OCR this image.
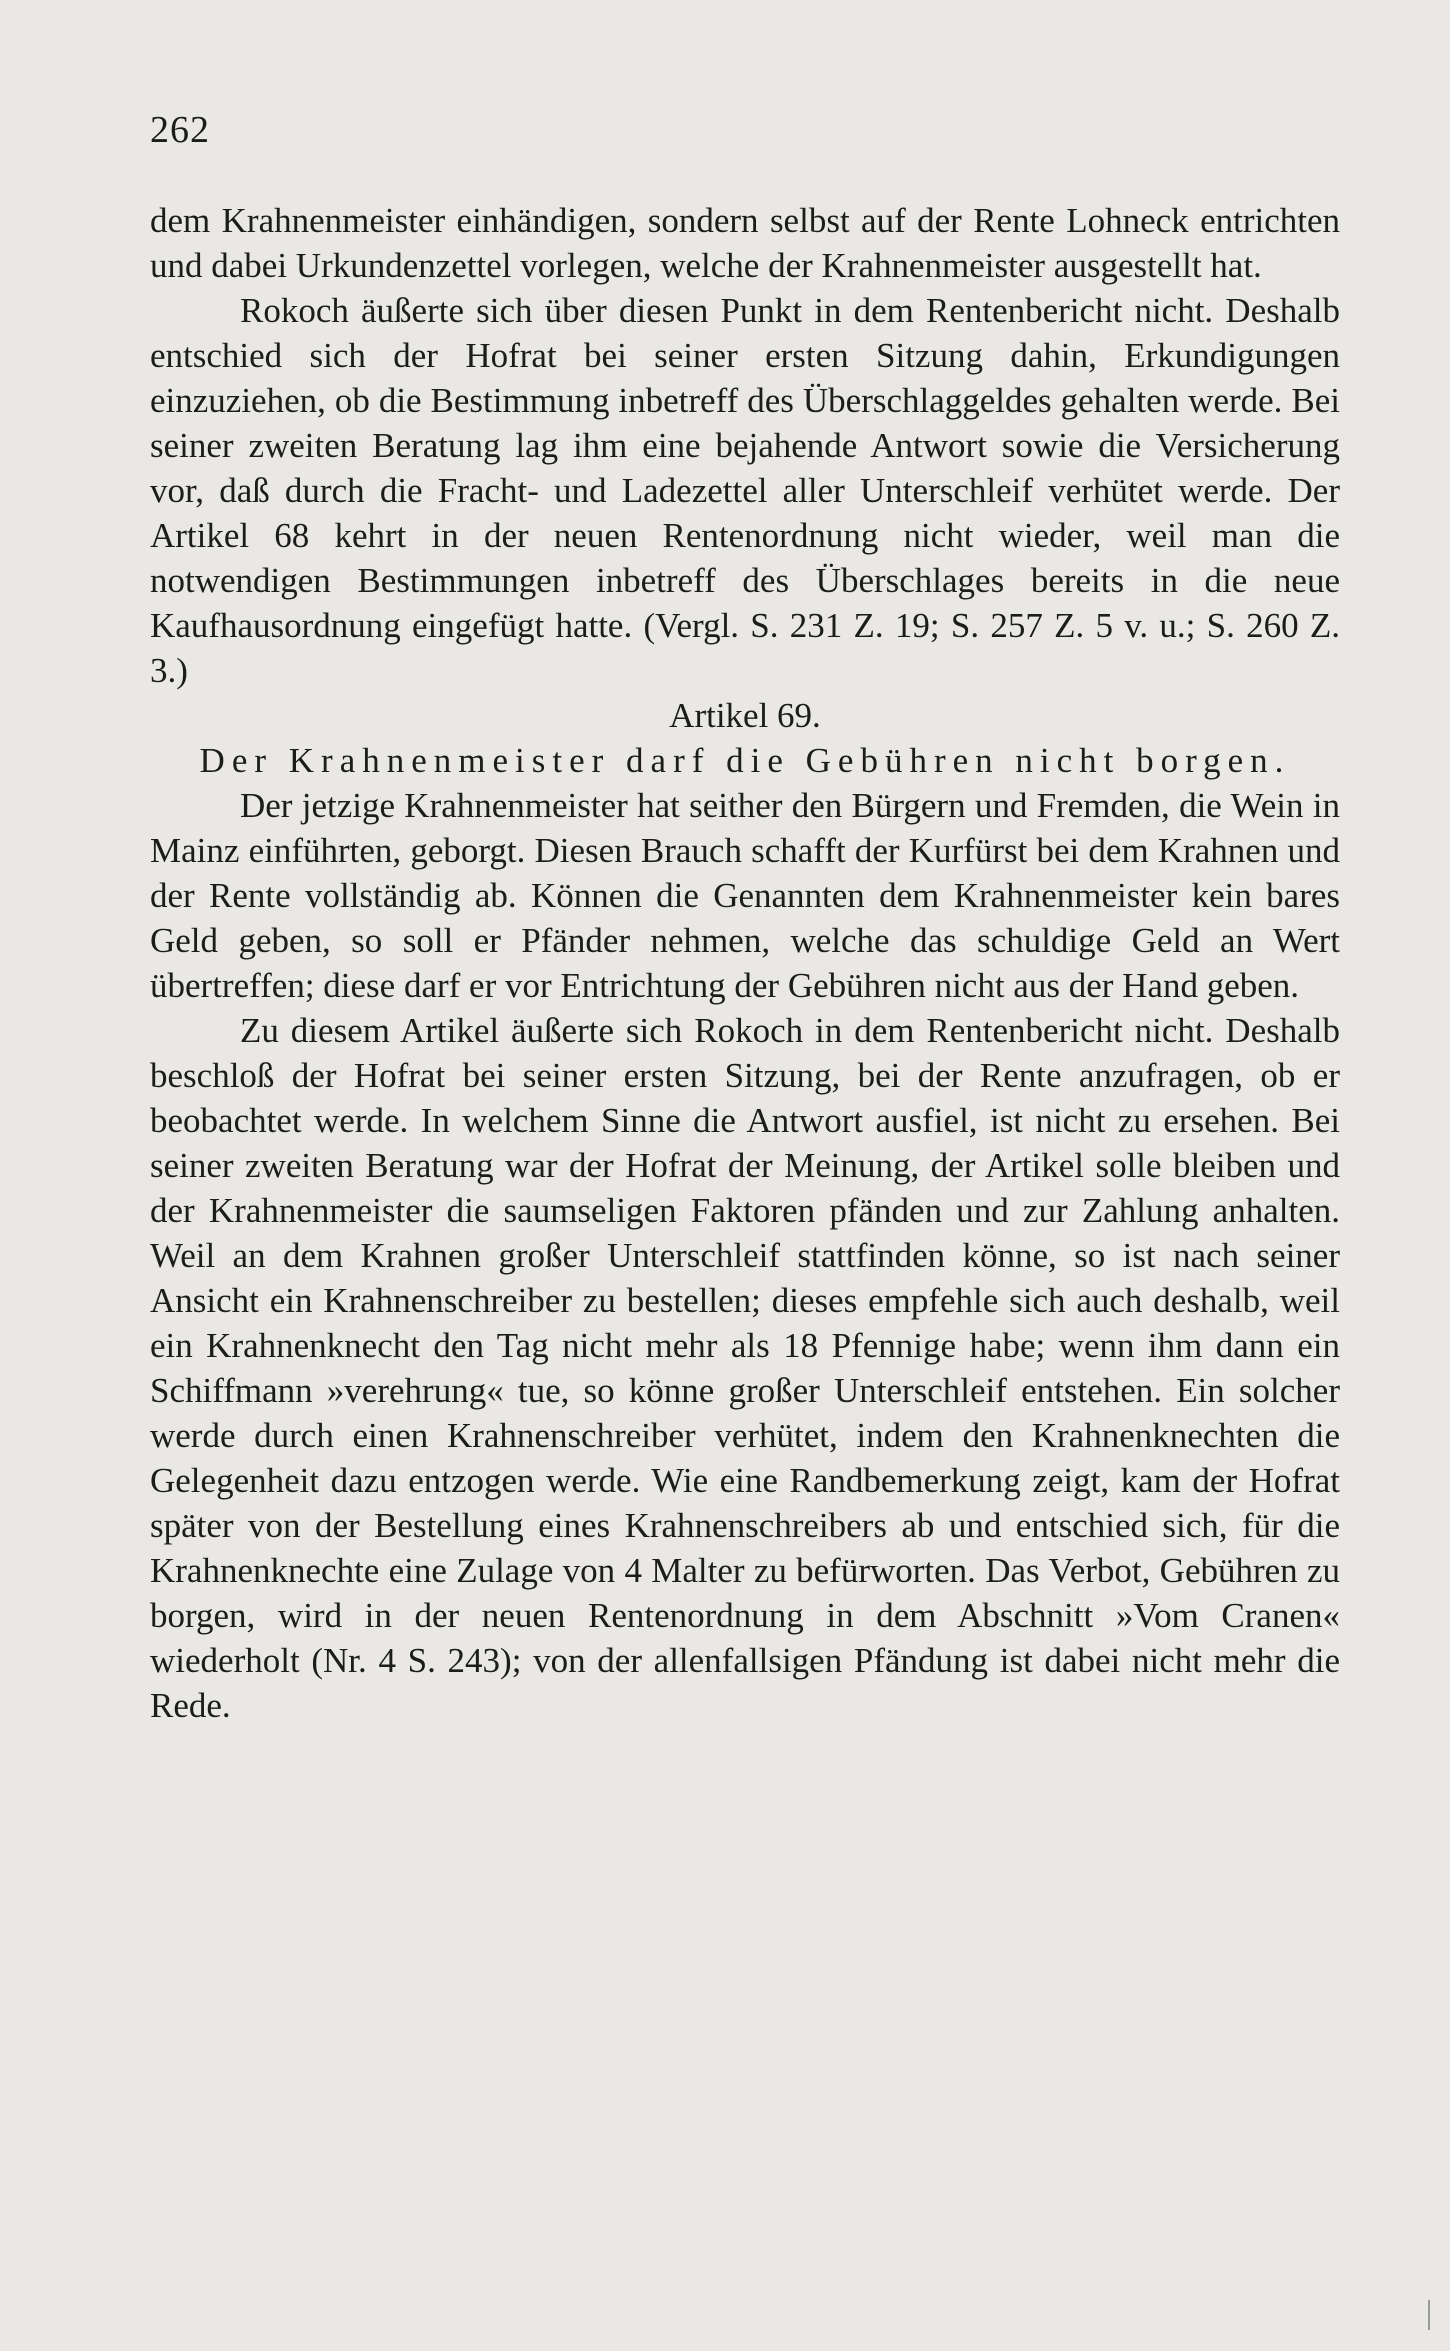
262

dem Krahnenmeister einhändigen, sondern selbst auf der Rente Lohneck entrichten und dabei Urkundenzettel vorlegen, welche der Krahnenmeister ausgestellt hat.

Rokoch äußerte sich über diesen Punkt in dem Rentenbericht nicht. Deshalb entschied sich der Hofrat bei seiner ersten Sitzung dahin, Erkundigungen einzuziehen, ob die Bestimmung inbetreff des Überschlaggeldes gehalten werde. Bei seiner zweiten Beratung lag ihm eine bejahende Antwort sowie die Versicherung vor, daß durch die Fracht- und Ladezettel aller Unterschleif verhütet werde. Der Artikel 68 kehrt in der neuen Rentenordnung nicht wieder, weil man die notwendigen Bestimmungen inbetreff des Überschlages bereits in die neue Kaufhausordnung eingefügt hatte. (Vergl. S. 231 Z. 19; S. 257 Z. 5 v. u.; S. 260 Z. 3.)

Artikel 69.

Der Krahnenmeister darf die Gebühren nicht borgen.

Der jetzige Krahnenmeister hat seither den Bürgern und Fremden, die Wein in Mainz einführten, geborgt. Diesen Brauch schafft der Kurfürst bei dem Krahnen und der Rente vollständig ab. Können die Genannten dem Krahnenmeister kein bares Geld geben, so soll er Pfänder nehmen, welche das schuldige Geld an Wert übertreffen; diese darf er vor Entrichtung der Gebühren nicht aus der Hand geben.

Zu diesem Artikel äußerte sich Rokoch in dem Rentenbericht nicht. Deshalb beschloß der Hofrat bei seiner ersten Sitzung, bei der Rente anzufragen, ob er beobachtet werde. In welchem Sinne die Antwort ausfiel, ist nicht zu ersehen. Bei seiner zweiten Beratung war der Hofrat der Meinung, der Artikel solle bleiben und der Krahnenmeister die saumseligen Faktoren pfänden und zur Zahlung anhalten. Weil an dem Krahnen großer Unterschleif stattfinden könne, so ist nach seiner Ansicht ein Krahnenschreiber zu bestellen; dieses empfehle sich auch deshalb, weil ein Krahnenknecht den Tag nicht mehr als 18 Pfennige habe; wenn ihm dann ein Schiffmann »verehrung« tue, so könne großer Unterschleif entstehen. Ein solcher werde durch einen Krahnenschreiber verhütet, indem den Krahnenknechten die Gelegenheit dazu entzogen werde. Wie eine Randbemerkung zeigt, kam der Hofrat später von der Bestellung eines Krahnenschreibers ab und entschied sich, für die Krahnenknechte eine Zulage von 4 Malter zu befürworten. Das Verbot, Gebühren zu borgen, wird in der neuen Rentenordnung in dem Abschnitt »Vom Cranen« wiederholt (Nr. 4 S. 243); von der allenfallsigen Pfändung ist dabei nicht mehr die Rede.
